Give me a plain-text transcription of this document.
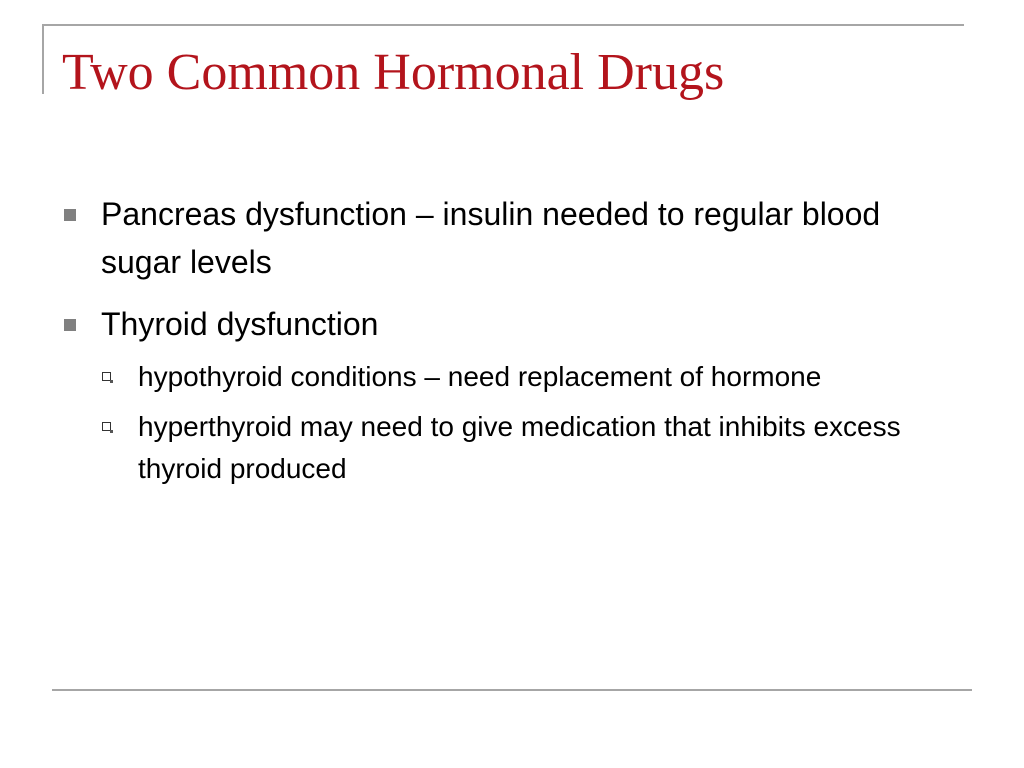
Two Common Hormonal Drugs
Pancreas dysfunction – insulin needed to regular blood sugar levels
Thyroid dysfunction
hypothyroid conditions – need replacement of hormone
hyperthyroid may need to give medication that inhibits excess thyroid produced
